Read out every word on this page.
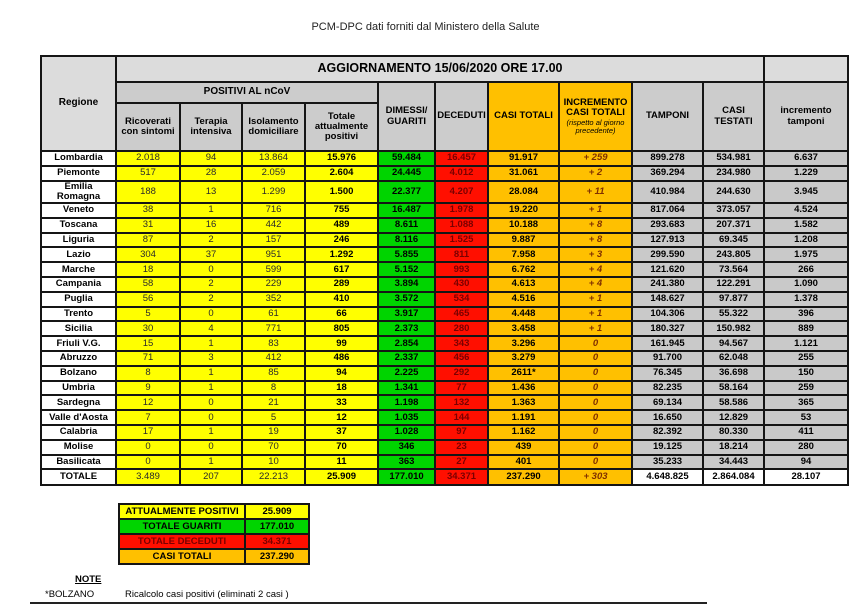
PCM-DPC dati forniti dal Ministero della Salute
Regione	AGGIORNAMENTO 15/06/2020 ORE 17.00										
	POSITIVI AL nCoV				DIMESSI/ GUARITI	DECEDUTI	CASI TOTALI	INCREMENTO CASI TOTALI
(rispetto al giorno precedente)	TAMPONI	CASI TESTATI	incremento tamponi
	Ricoverati con sintomi	Terapia intensiva	Isolamento domiciliare	Totale attualmente positivi							
Lombardia	2.018	94	13.864	15.976	59.484	16.457	91.917	+ 259	899.278	534.981	6.637
Piemonte	517	28	2.059	2.604	24.445	4.012	31.061	+ 2	369.294	234.980	1.229
Emilia Romagna	188	13	1.299	1.500	22.377	4.207	28.084	+ 11	410.984	244.630	3.945
Veneto	38	1	716	755	16.487	1.978	19.220	+ 1	817.064	373.057	4.524
Toscana	31	16	442	489	8.611	1.088	10.188	+ 8	293.683	207.371	1.582
Liguria	87	2	157	246	8.116	1.525	9.887	+ 8	127.913	69.345	1.208
Lazio	304	37	951	1.292	5.855	811	7.958	+ 3	299.590	243.805	1.975
Marche	18	0	599	617	5.152	993	6.762	+ 4	121.620	73.564	266
Campania	58	2	229	289	3.894	430	4.613	+ 4	241.380	122.291	1.090
Puglia	56	2	352	410	3.572	534	4.516	+ 1	148.627	97.877	1.378
Trento	5	0	61	66	3.917	465	4.448	+ 1	104.306	55.322	396
Sicilia	30	4	771	805	2.373	280	3.458	+ 1	180.327	150.982	889
Friuli V.G.	15	1	83	99	2.854	343	3.296	0	161.945	94.567	1.121
Abruzzo	71	3	412	486	2.337	456	3.279	0	91.700	62.048	255
Bolzano	8	1	85	94	2.225	292	2611*	0	76.345	36.698	150
Umbria	9	1	8	18	1.341	77	1.436	0	82.235	58.164	259
Sardegna	12	0	21	33	1.198	132	1.363	0	69.134	58.586	365
Valle d'Aosta	7	0	5	12	1.035	144	1.191	0	16.650	12.829	53
Calabria	17	1	19	37	1.028	97	1.162	0	82.392	80.330	411
Molise	0	0	70	70	346	23	439	0	19.125	18.214	280
Basilicata	0	1	10	11	363	27	401	0	35.233	34.443	94
TOTALE	3.489	207	22.213	25.909	177.010	34.371	237.290	+ 303	4.648.825	2.864.084	28.107
ATTUALMENTE POSITIVI	25.909
TOTALE GUARITI	177.010
TOTALE DECEDUTI	34.371
CASI TOTALI	237.290
NOTE
*BOLZANO	Ricalcolo casi positivi (eliminati 2 casi )
